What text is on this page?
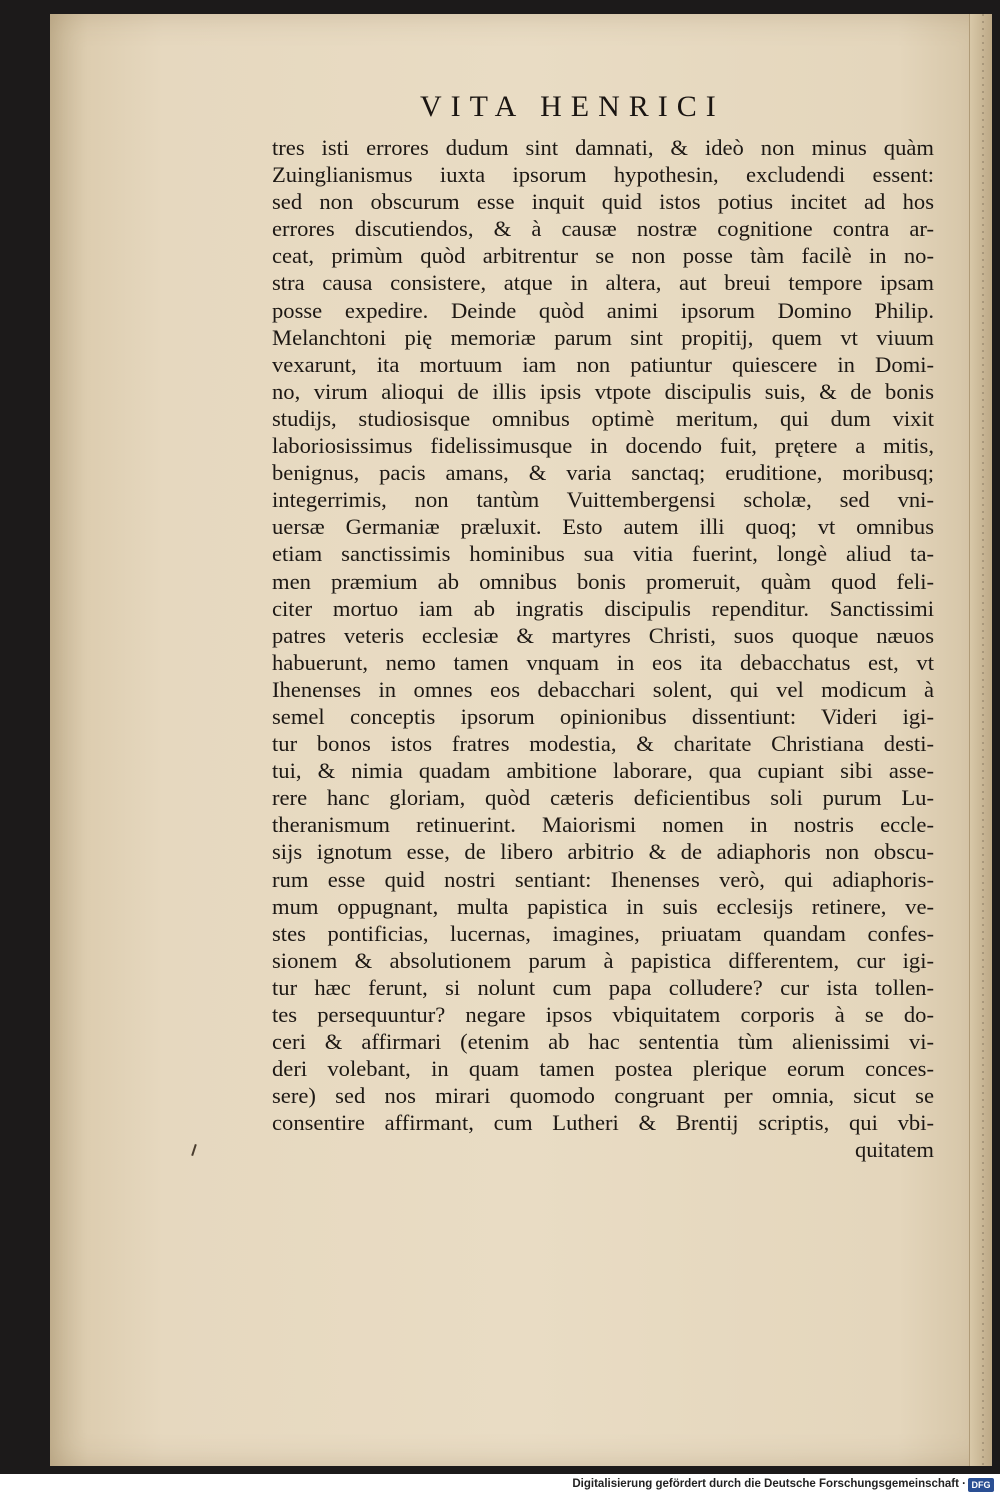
VITA HENRICI
tres isti errores dudum sint damnati, & ideò non minus quàm
Zuinglianismus iuxta ipsorum hypothesin, excludendi essent:
sed non obscurum esse inquit quid istos potius incitet ad hos
errores discutiendos, & à causæ nostræ cognitione contra ar-
ceat, primùm quòd arbitrentur se non posse tàm facilè in no-
stra causa consistere, atque in altera, aut breui tempore ipsam
posse expedire. Deinde quòd animi ipsorum Domino Philip.
Melanchtoni pię memoriæ parum sint propitij, quem vt viuum
vexarunt, ita mortuum iam non patiuntur quiescere in Domi-
no, virum alioqui de illis ipsis vtpote discipulis suis, & de bonis
studijs, studiosisque omnibus optimè meritum, qui dum vixit
laboriosissimus fidelissimusque in docendo fuit, prętere a mitis,
benignus, pacis amans, & varia sanctaq; eruditione, moribusq;
integerrimis, non tantùm Vuittembergensi scholæ, sed vni-
uersæ Germaniæ præluxit. Esto autem illi quoq; vt omnibus
etiam sanctissimis hominibus sua vitia fuerint, longè aliud ta-
men præmium ab omnibus bonis promeruit, quàm quod feli-
citer mortuo iam ab ingratis discipulis rependitur. Sanctissimi
patres veteris ecclesiæ & martyres Christi, suos quoque næuos
habuerunt, nemo tamen vnquam in eos ita debacchatus est, vt
Ihenenses in omnes eos debacchari solent, qui vel modicum à
semel conceptis ipsorum opinionibus dissentiunt: Videri igi-
tur bonos istos fratres modestia, & charitate Christiana desti-
tui, & nimia quadam ambitione laborare, qua cupiant sibi asse-
rere hanc gloriam, quòd cæteris deficientibus soli purum Lu-
theranismum retinuerint. Maiorismi nomen in nostris eccle-
sijs ignotum esse, de libero arbitrio & de adiaphoris non obscu-
rum esse quid nostri sentiant: Ihenenses verò, qui adiaphoris-
mum oppugnant, multa papistica in suis ecclesijs retinere, ve-
stes pontificias, lucernas, imagines, priuatam quandam confes-
sionem & absolutionem parum à papistica differentem, cur igi-
tur hæc ferunt, si nolunt cum papa colludere? cur ista tollen-
tes persequuntur? negare ipsos vbiquitatem corporis à se do-
ceri & affirmari (etenim ab hac sententia tùm alienissimi vi-
deri volebant, in quam tamen postea plerique eorum conces-
sere) sed nos mirari quomodo congruant per omnia, sicut se
consentire affirmant, cum Lutheri & Brentij scriptis, qui vbi-
quitatem
Digitalisierung gefördert durch die Deutsche Forschungsgemeinschaft · DFG
